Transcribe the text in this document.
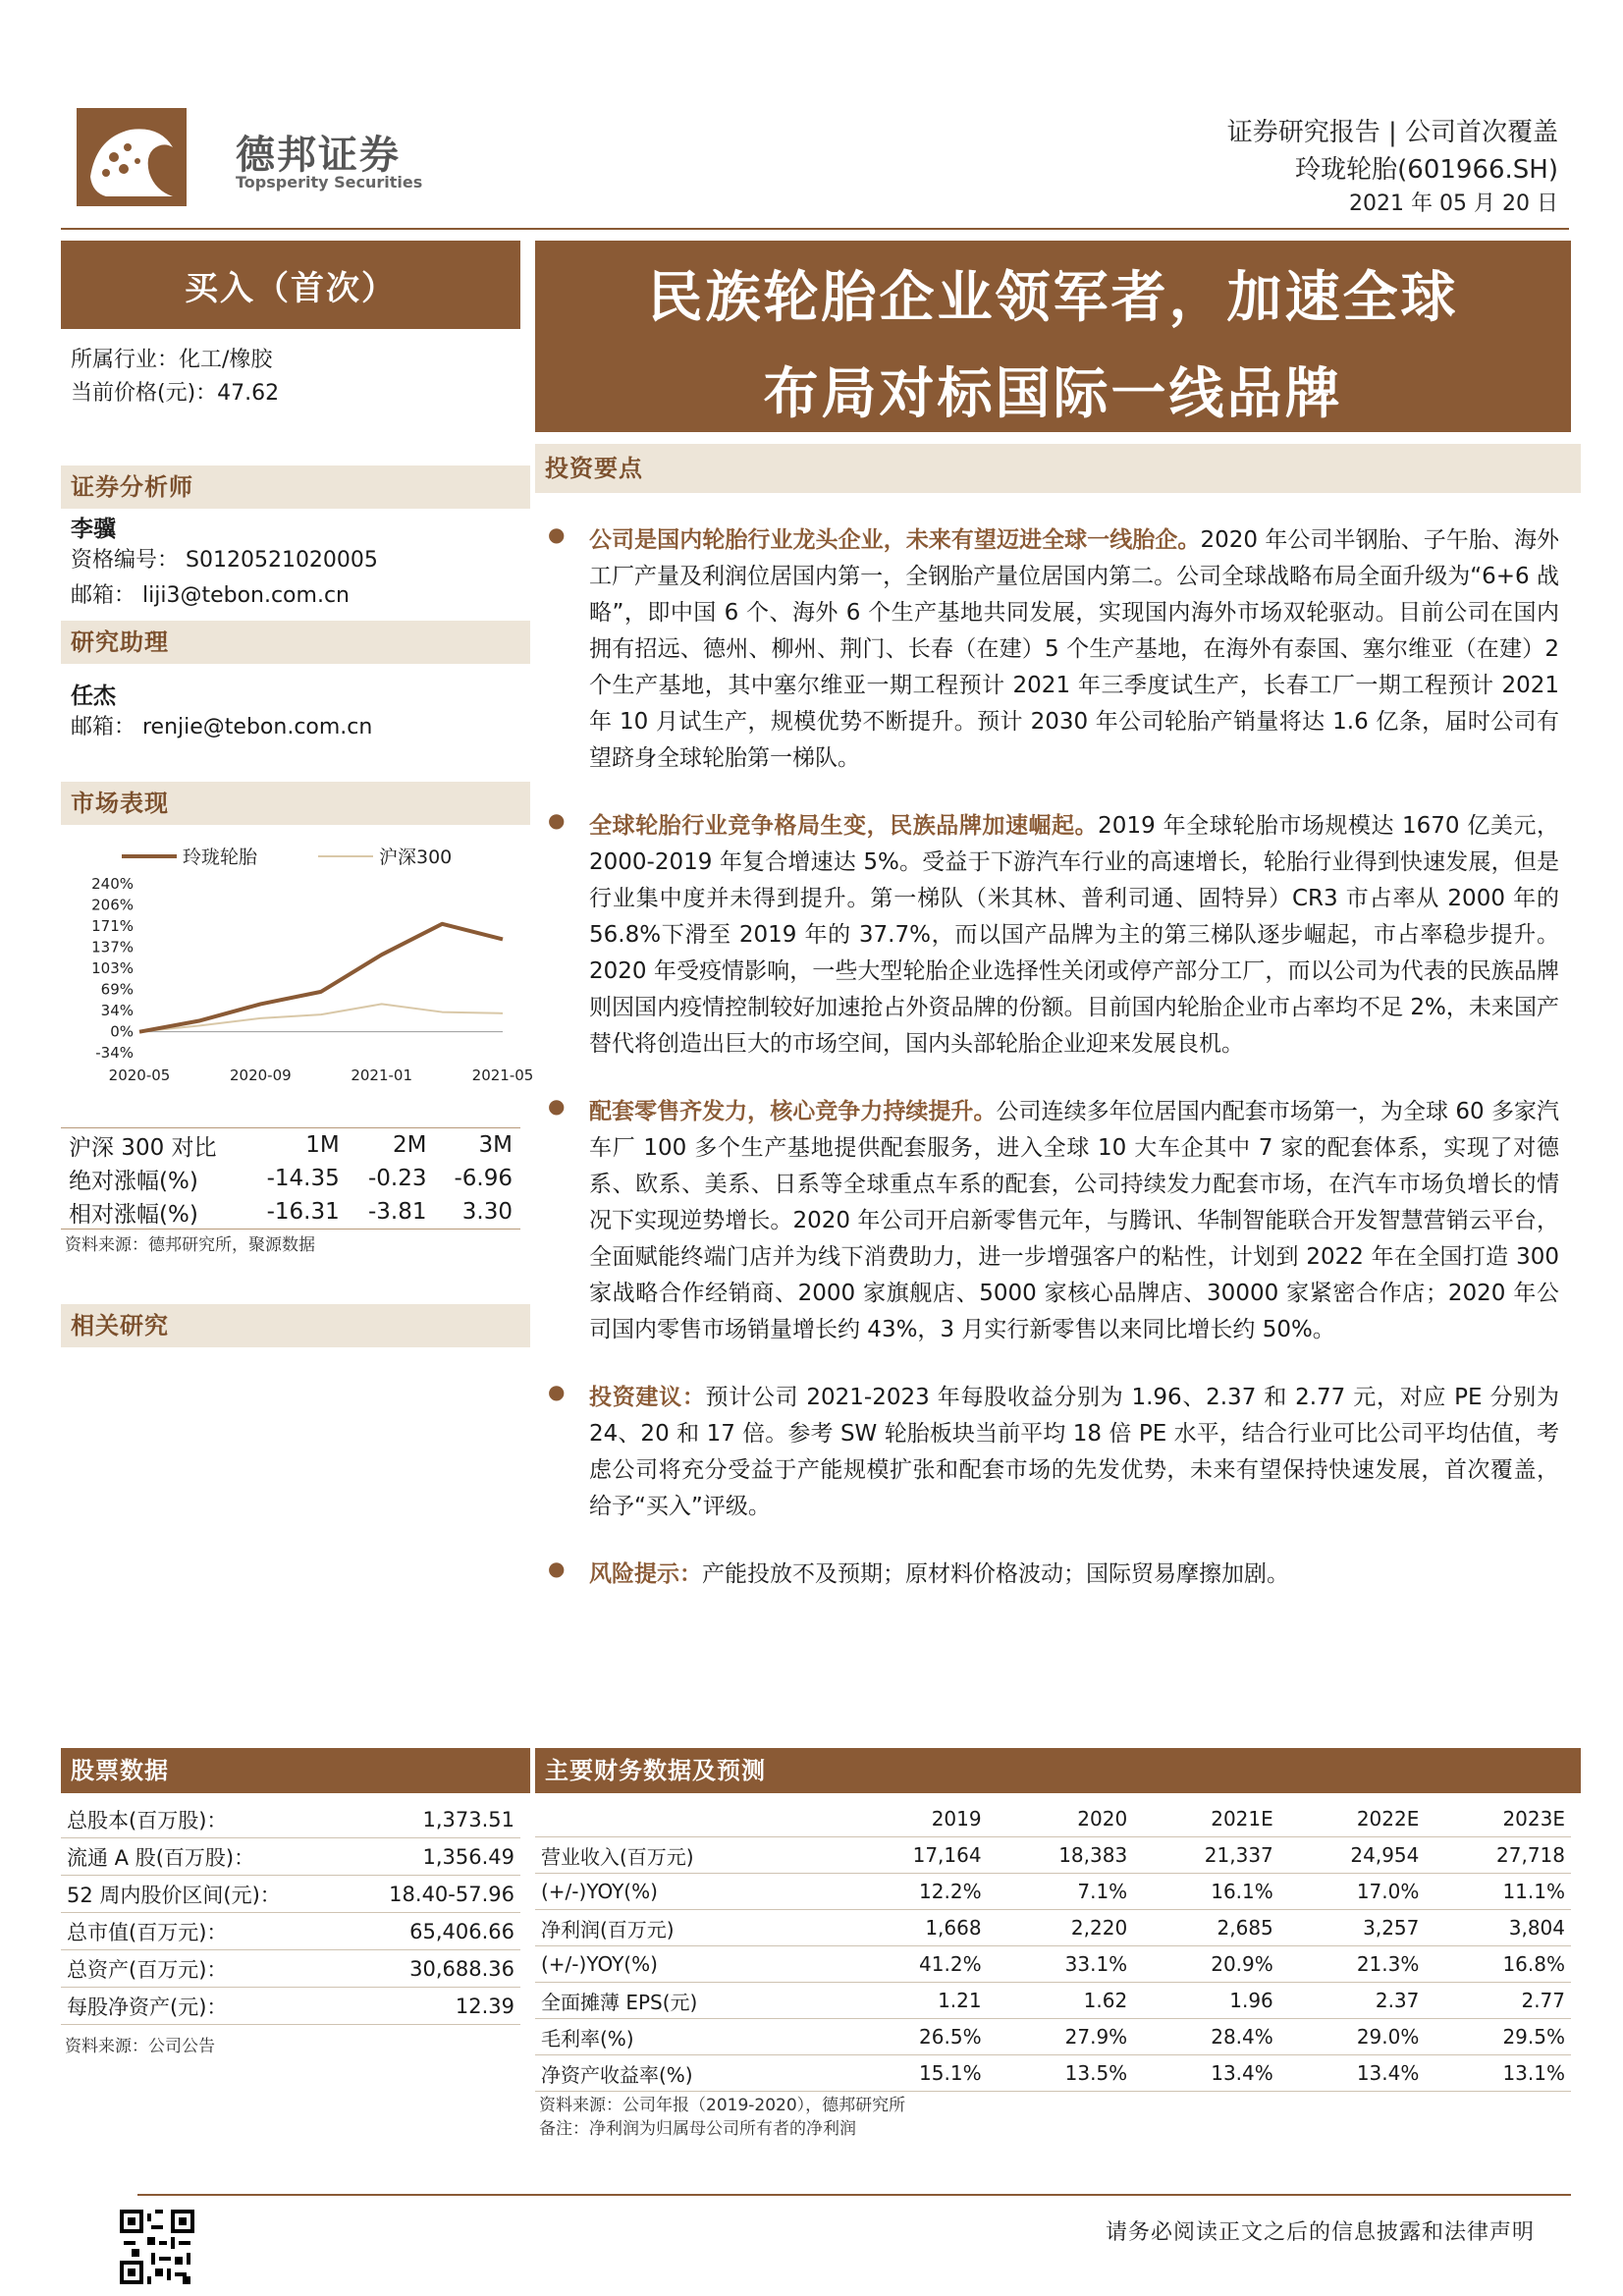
德邦证券
Topsperity Securities
证券研究报告 | 公司首次覆盖
玲珑轮胎(601966.SH)
2021 年 05 月 20 日
买入（首次）	民族轮胎企业领军者，加速全球
布局对标国际一线品牌
所属行业：化工/橡胶
当前价格(元)：47.62
证券分析师
李骥
资格编号： S0120521020005
邮箱： liji3@tebon.com.cn
研究助理
任杰
邮箱： renjie@tebon.com.cn
市场表现
玲珑轮胎	沪深300
240%
206%
171%
137%
103%
69%
34%
0%
-34%
2020-05	2020-09	2021-01	2021-05
沪深 300 对比	1M	2M	3M
绝对涨幅(%)	-14.35	-0.23	-6.96
相对涨幅(%)	-16.31	-3.81	3.30
资料来源：德邦研究所，聚源数据
相关研究
投资要点
● 公司是国内轮胎行业龙头企业，未来有望迈进全球一线胎企。2020 年公司半钢胎、子午胎、海外工厂产量及利润位居国内第一，全钢胎产量位居国内第二。公司全球战略布局全面升级为“6+6 战略”，即中国 6 个、海外 6 个生产基地共同发展，实现国内海外市场双轮驱动。目前公司在国内拥有招远、德州、柳州、荆门、长春（在建）5 个生产基地，在海外有泰国、塞尔维亚（在建）2 个生产基地，其中塞尔维亚一期工程预计 2021 年三季度试生产，长春工厂一期工程预计 2021 年 10 月试生产，规模优势不断提升。预计 2030 年公司轮胎产销量将达 1.6 亿条，届时公司有望跻身全球轮胎第一梯队。
● 全球轮胎行业竞争格局生变，民族品牌加速崛起。2019 年全球轮胎市场规模达 1670 亿美元，2000-2019 年复合增速达 5%。受益于下游汽车行业的高速增长，轮胎行业得到快速发展，但是行业集中度并未得到提升。第一梯队（米其林、普利司通、固特异）CR3 市占率从 2000 年的 56.8%下滑至 2019 年的 37.7%，而以国产品牌为主的第三梯队逐步崛起，市占率稳步提升。2020 年受疫情影响，一些大型轮胎企业选择性关闭或停产部分工厂，而以公司为代表的民族品牌则因国内疫情控制较好加速抢占外资品牌的份额。目前国内轮胎企业市占率均不足 2%，未来国产替代将创造出巨大的市场空间，国内头部轮胎企业迎来发展良机。
● 配套零售齐发力，核心竞争力持续提升。公司连续多年位居国内配套市场第一，为全球 60 多家汽车厂 100 多个生产基地提供配套服务，进入全球 10 大车企其中 7 家的配套体系，实现了对德系、欧系、美系、日系等全球重点车系的配套，公司持续发力配套市场，在汽车市场负增长的情况下实现逆势增长。2020 年公司开启新零售元年，与腾讯、华制智能联合开发智慧营销云平台，全面赋能终端门店并为线下消费助力，进一步增强客户的粘性，计划到 2022 年在全国打造 300 家战略合作经销商、2000 家旗舰店、5000 家核心品牌店、30000 家紧密合作店；2020 年公司国内零售市场销量增长约 43%，3 月实行新零售以来同比增长约 50%。
● 投资建议：预计公司 2021-2023 年每股收益分别为 1.96、2.37 和 2.77 元，对应 PE 分别为 24、20 和 17 倍。参考 SW 轮胎板块当前平均 18 倍 PE 水平，结合行业可比公司平均估值，考虑公司将充分受益于产能规模扩张和配套市场的先发优势，未来有望保持快速发展，首次覆盖，给予“买入”评级。
● 风险提示：产能投放不及预期；原材料价格波动；国际贸易摩擦加剧。
股票数据
总股本(百万股)：	1,373.51
流通 A 股(百万股)：	1,356.49
52 周内股价区间(元)：	18.40-57.96
总市值(百万元)：	65,406.66
总资产(百万元)：	30,688.36
每股净资产(元)：	12.39
资料来源：公司公告
主要财务数据及预测
	2019	2020	2021E	2022E	2023E
营业收入(百万元)	17,164	18,383	21,337	24,954	27,718
(+/-)YOY(%)	12.2%	7.1%	16.1%	17.0%	11.1%
净利润(百万元)	1,668	2,220	2,685	3,257	3,804
(+/-)YOY(%)	41.2%	33.1%	20.9%	21.3%	16.8%
全面摊薄 EPS(元)	1.21	1.62	1.96	2.37	2.77
毛利率(%)	26.5%	27.9%	28.4%	29.0%	29.5%
净资产收益率(%)	15.1%	13.5%	13.4%	13.4%	13.1%
资料来源：公司年报（2019-2020），德邦研究所
备注：净利润为归属母公司所有者的净利润
请务必阅读正文之后的信息披露和法律声明
